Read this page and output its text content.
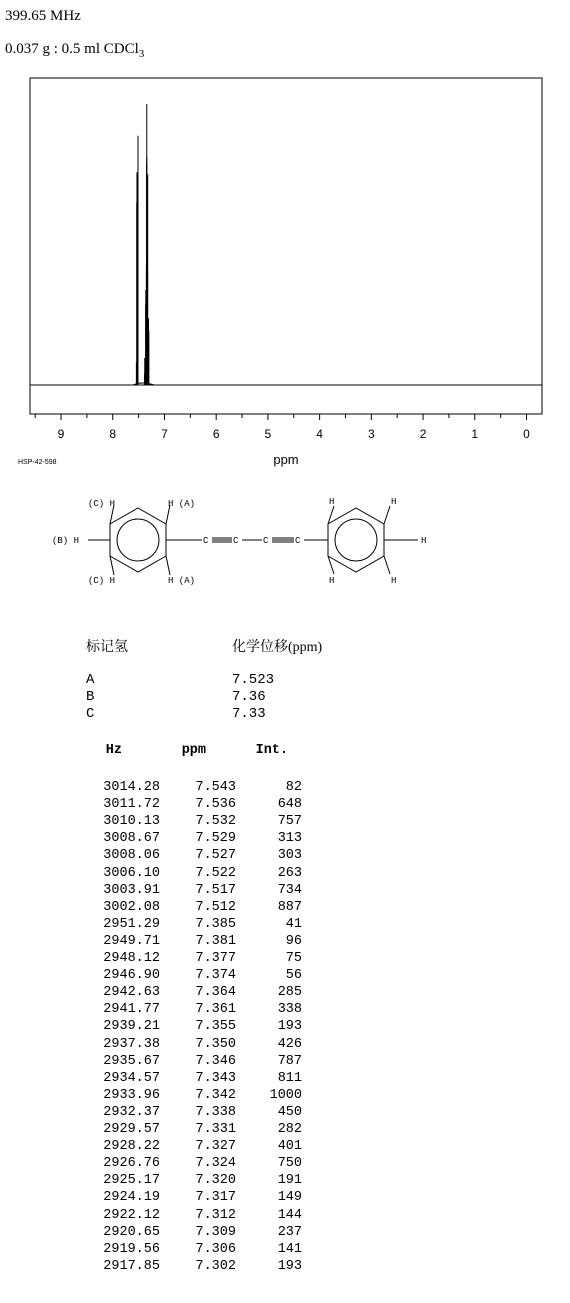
399.65 MHz
0.037 g : 0.5 ml CDCl$_3$
9	8	7	6	5	4	3	2	1	0
HSP-42-598	ppm
(C) H	H (A)
(B) H
(C) H	H (A)
C	C	C	C
H	H
H
H	H
标记氢	化学位移(ppm)
A	7.523
B	7.36
C	7.33
Hz	ppm	Int.
3014.28	7.543	82
3011.72	7.536	648
3010.13	7.532	757
3008.67	7.529	313
3008.06	7.527	303
3006.10	7.522	263
3003.91	7.517	734
3002.08	7.512	887
2951.29	7.385	41
2949.71	7.381	96
2948.12	7.377	75
2946.90	7.374	56
2942.63	7.364	285
2941.77	7.361	338
2939.21	7.355	193
2937.38	7.350	426
2935.67	7.346	787
2934.57	7.343	811
2933.96	7.342 1000
2932.37	7.338	450
2929.57	7.331	282
2928.22	7.327	401
2926.76	7.324	750
2925.17	7.320	191
2924.19	7.317	149
2922.12	7.312	144
2920.65	7.309	237
2919.56	7.306	141
2917.85	7.302	193
